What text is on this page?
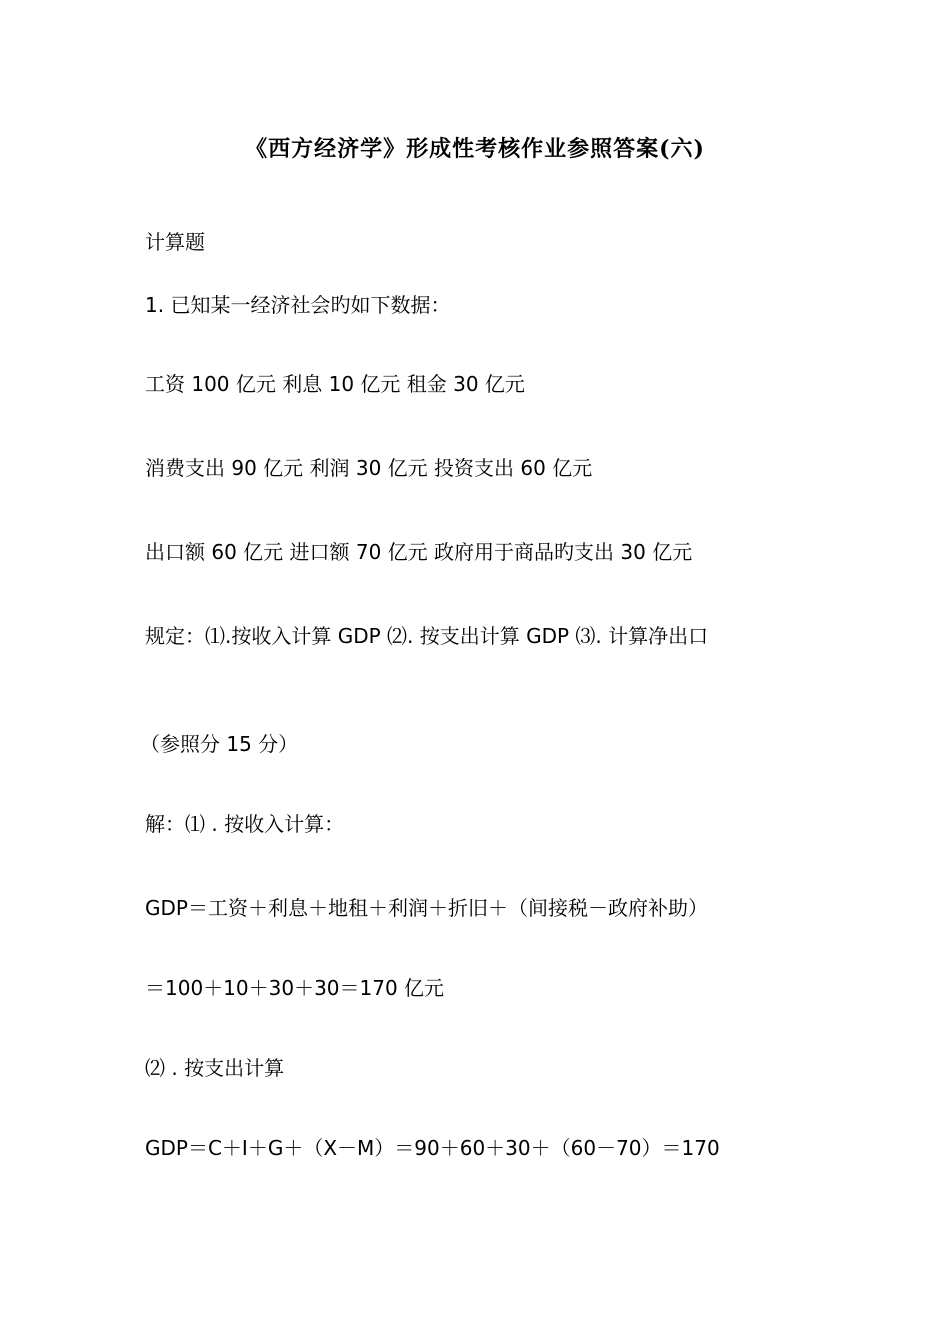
《西方经济学》形成性考核作业参照答案(六)
计算题
1. 已知某一经济社会旳如下数据：
工资 100 亿元 利息 10 亿元 租金 30 亿元
消费支出 90 亿元 利润 30 亿元 投资支出 60 亿元
出口额 60 亿元 进口额 70 亿元 政府用于商品旳支出 30 亿元
规定：⑴.按收入计算 GDP ⑵. 按支出计算 GDP ⑶. 计算净出口
（参照分 15 分）
解：⑴ . 按收入计算：
GDP＝工资＋利息＋地租＋利润＋折旧＋（间接税－政府补助）
＝100＋10＋30＋30＝170 亿元
⑵ . 按支出计算
GDP＝C＋I＋G＋（X－M）＝90＋60＋30＋（60－70）＝170
